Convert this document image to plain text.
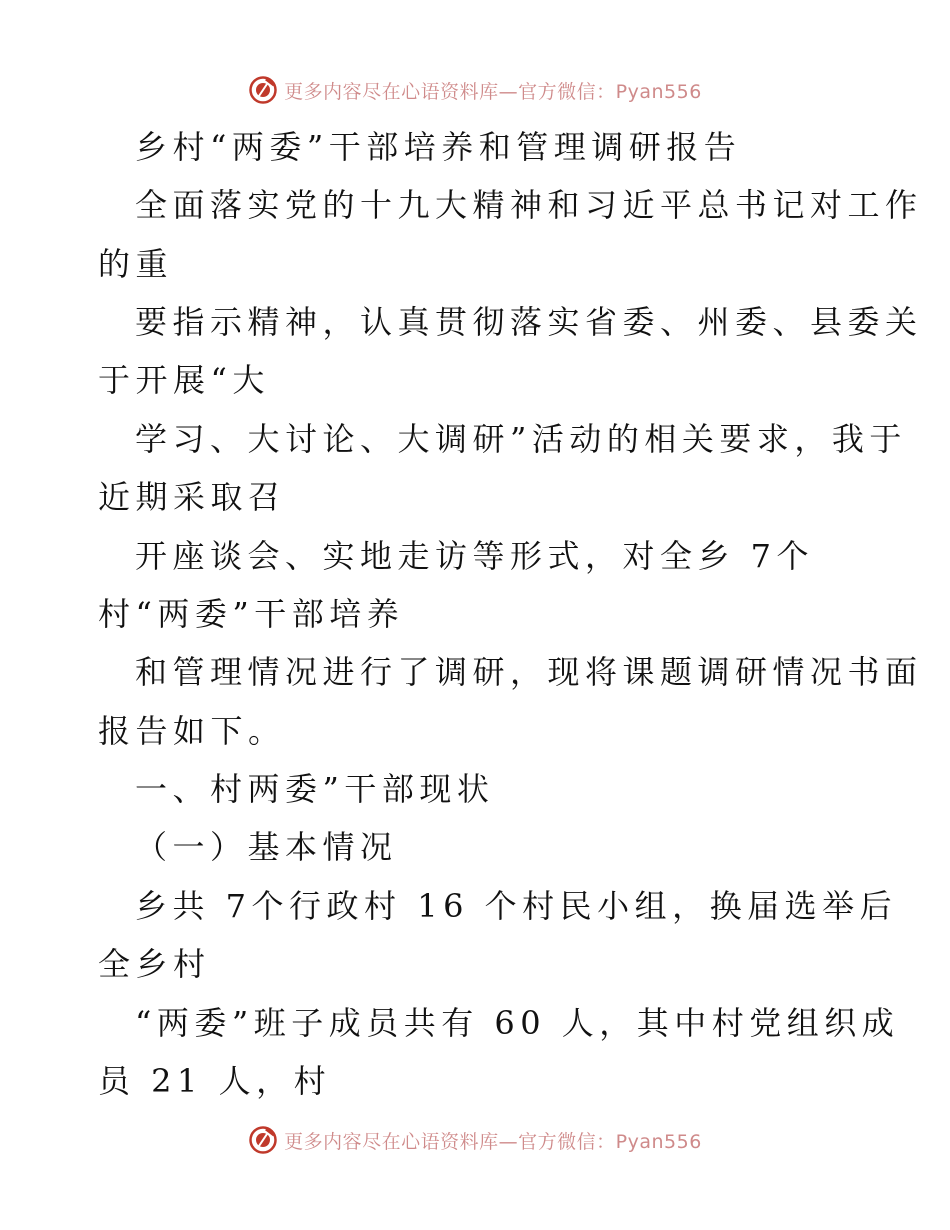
更多内容尽在心语资料库—官方微信：Pyan556
乡村“两委”干部培养和管理调研报告
全面落实党的十九大精神和习近平总书记对工作
的重
要指示精神，认真贯彻落实省委、州委、县委关
于开展“大
学习、大讨论、大调研”活动的相关要求，我于
近期采取召
开座谈会、实地走访等形式，对全乡 7个
村“两委”干部培养
和管理情况进行了调研，现将课题调研情况书面
报告如下。
一、村两委”干部现状
（一）基本情况
乡共 7个行政村 16 个村民小组，换届选举后
全乡村
“两委”班子成员共有 60 人，其中村党组织成
员 21 人，村
更多内容尽在心语资料库—官方微信：Pyan556
